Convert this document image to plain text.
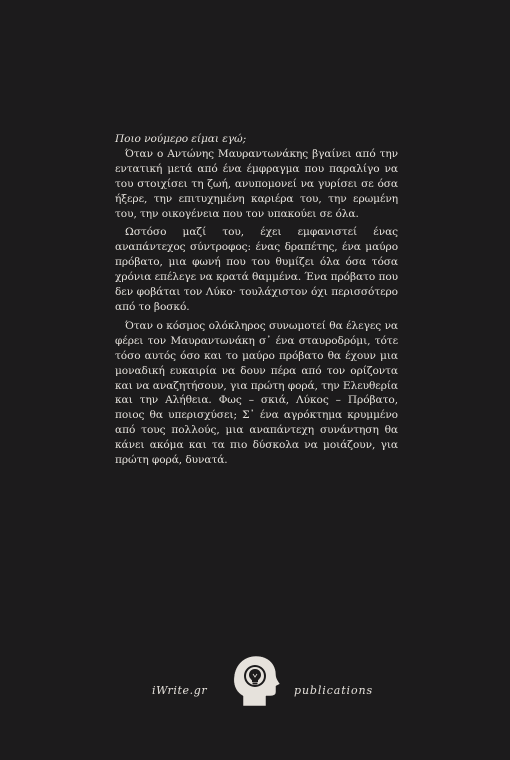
Ποιο νούμερο είμαι εγώ;

Όταν ο Αντώνης Μαυραντωνάκης βγαίνει από την εντατική μετά από ένα έμφραγμα που παραλίγο να του στοιχίσει τη ζωή, ανυπομονεί να γυρίσει σε όσα ήξερε, την επιτυχημένη καριέρα του, την ερωμένη του, την οικογένεια που τον υπακούει σε όλα.

Ωστόσο μαζί του, έχει εμφανιστεί ένας αναπάντεχος σύντροφος: ένας δραπέτης, ένα μαύρο πρόβατο, μια φωνή που του θυμίζει όλα όσα τόσα χρόνια επέλεγε να κρατά θαμμένα. Ένα πρόβατο που δεν φοβάται τον Λύκο· τουλάχιστον όχι περισσότερο από το βοσκό.

Όταν ο κόσμος ολόκληρος συνωμοτεί θα έλεγες να φέρει τον Μαυραντωνάκη σ᾽ ένα σταυροδρόμι, τότε τόσο αυτός όσο και το μαύρο πρόβατο θα έχουν μια μοναδική ευκαιρία να δουν πέρα από τον ορίζοντα και να αναζητήσουν, για πρώτη φορά, την Ελευθερία και την Αλήθεια. Φως – σκιά, Λύκος – Πρόβατο, ποιος θα υπερισχύσει; Σ᾽ ένα αγρόκτημα κρυμμένο από τους πολλούς, μια αναπάντεχη συνάντηση θα κάνει ακόμα και τα πιο δύσκολα να μοιάζουν, για πρώτη φορά, δυνατά.

iWrite.gr	publications
